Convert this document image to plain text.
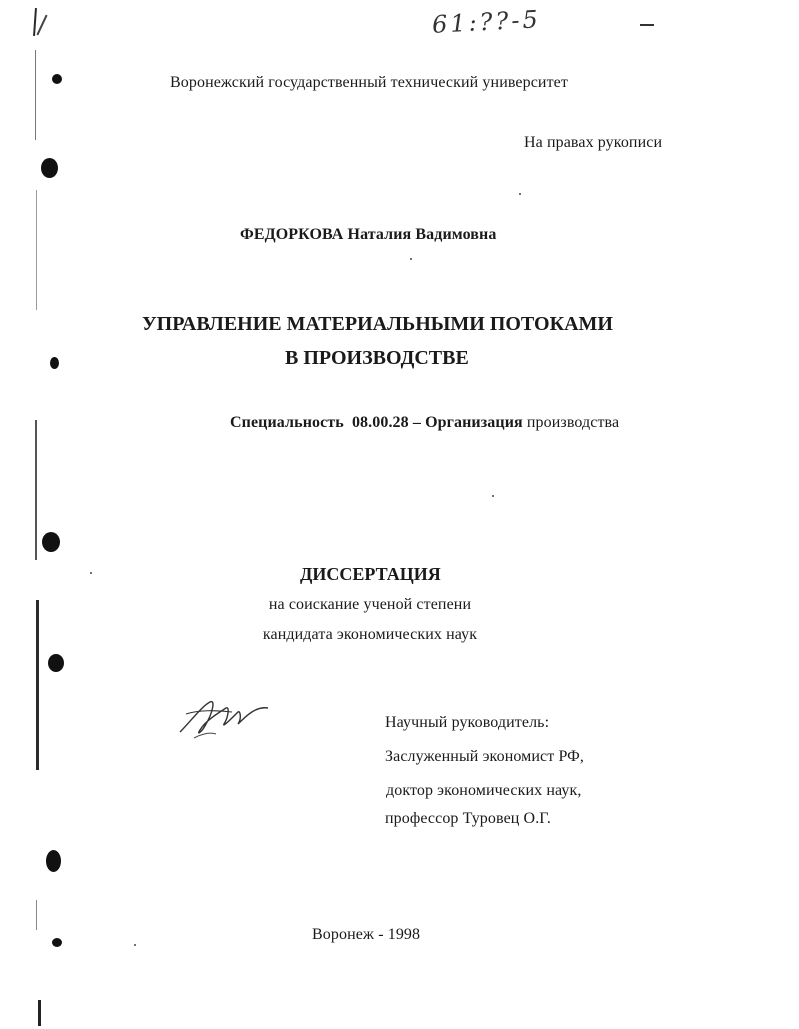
61:??-5
Воронежский государственный технический университет
На правах рукописи
ФЕДОРКОВА Наталия Вадимовна
УПРАВЛЕНИЕ МАТЕРИАЛЬНЫМИ ПОТОКАМИ
В ПРОИЗВОДСТВЕ
Специальность 08.00.28 – Организация производства
ДИССЕРТАЦИЯ
на соискание ученой степени
кандидата экономических наук
Научный руководитель:
Заслуженный экономист РФ,
доктор экономических наук,
профессор Туровец О.Г.
Воронеж - 1998
